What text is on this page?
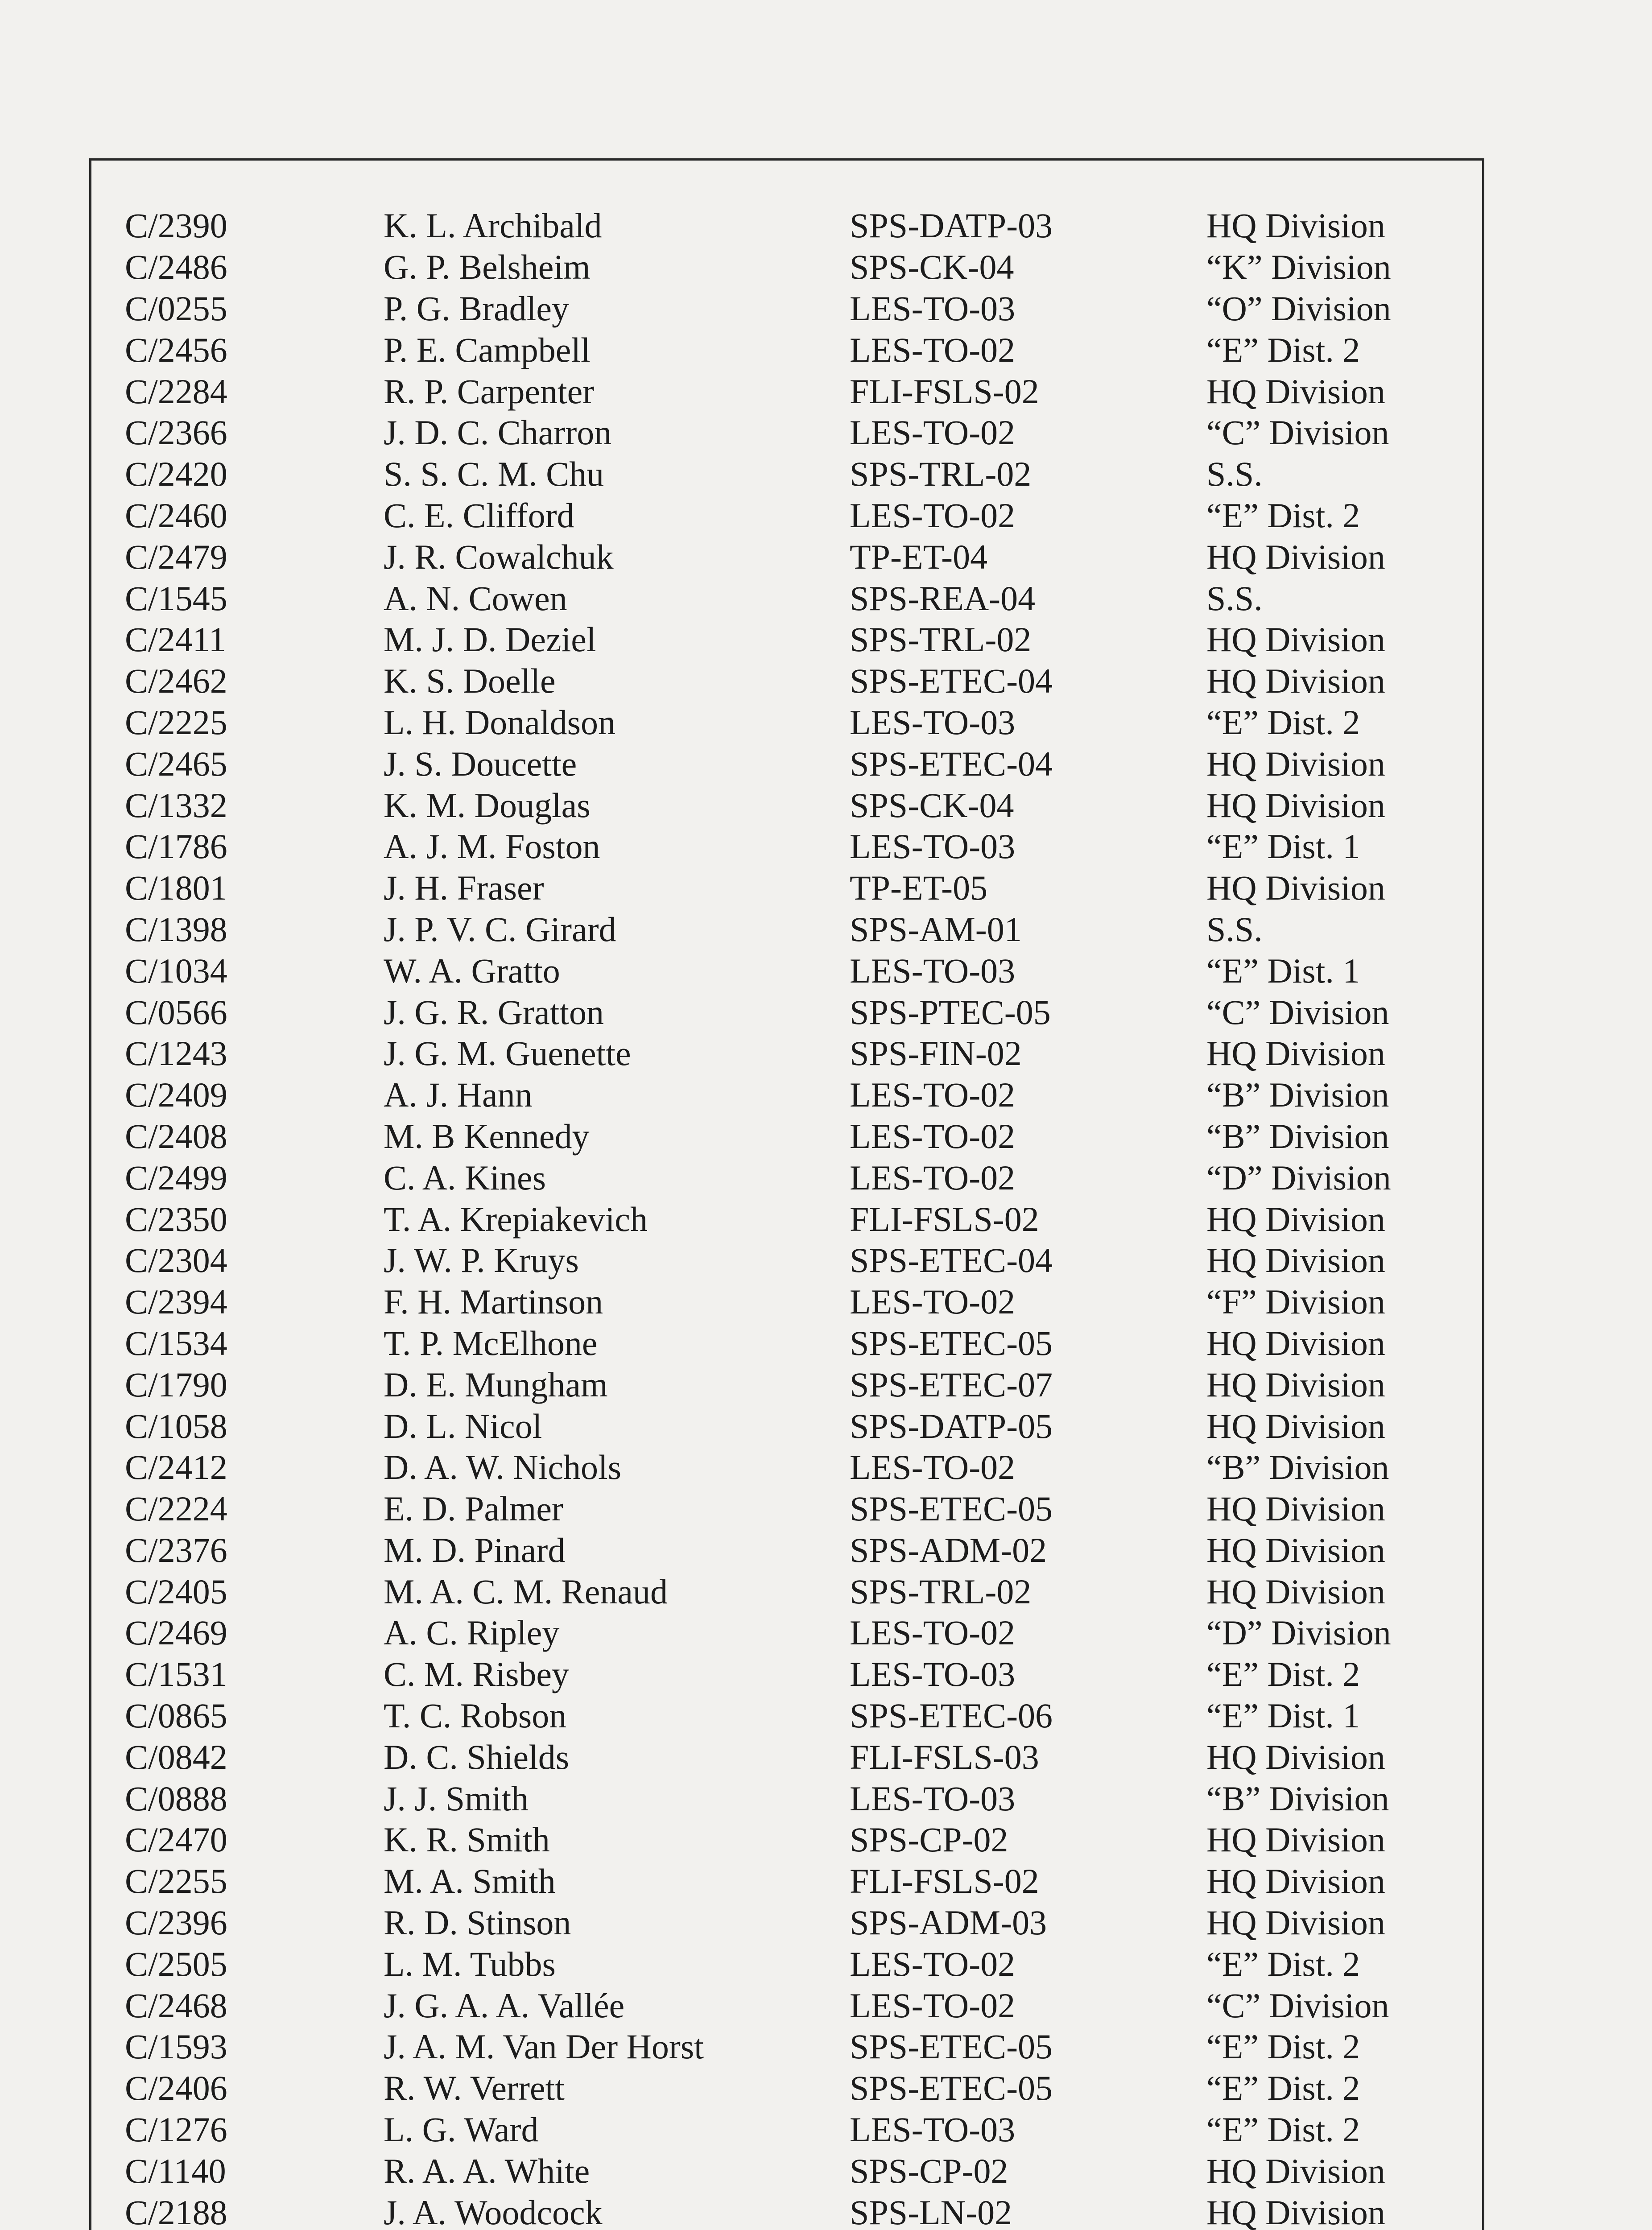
C/2390	K. L. Archibald	SPS-DATP-03	HQ Division
C/2486	G. P. Belsheim	SPS-CK-04	“K” Division
C/0255	P. G. Bradley	LES-TO-03	“O” Division
C/2456	P. E. Campbell	LES-TO-02	“E” Dist. 2
C/2284	R. P. Carpenter	FLI-FSLS-02	HQ Division
C/2366	J. D. C. Charron	LES-TO-02	“C” Division
C/2420	S. S. C. M. Chu	SPS-TRL-02	S.S.
C/2460	C. E. Clifford	LES-TO-02	“E” Dist. 2
C/2479	J. R. Cowalchuk	TP-ET-04	HQ Division
C/1545	A. N. Cowen	SPS-REA-04	S.S.
C/2411	M. J. D. Deziel	SPS-TRL-02	HQ Division
C/2462	K. S. Doelle	SPS-ETEC-04	HQ Division
C/2225	L. H. Donaldson	LES-TO-03	“E” Dist. 2
C/2465	J. S. Doucette	SPS-ETEC-04	HQ Division
C/1332	K. M. Douglas	SPS-CK-04	HQ Division
C/1786	A. J. M. Foston	LES-TO-03	“E” Dist. 1
C/1801	J. H. Fraser	TP-ET-05	HQ Division
C/1398	J. P. V. C. Girard	SPS-AM-01	S.S.
C/1034	W. A. Gratto	LES-TO-03	“E” Dist. 1
C/0566	J. G. R. Gratton	SPS-PTEC-05	“C” Division
C/1243	J. G. M. Guenette	SPS-FIN-02	HQ Division
C/2409	A. J. Hann	LES-TO-02	“B” Division
C/2408	M. B Kennedy	LES-TO-02	“B” Division
C/2499	C. A. Kines	LES-TO-02	“D” Division
C/2350	T. A. Krepiakevich	FLI-FSLS-02	HQ Division
C/2304	J. W. P. Kruys	SPS-ETEC-04	HQ Division
C/2394	F. H. Martinson	LES-TO-02	“F” Division
C/1534	T. P. McElhone	SPS-ETEC-05	HQ Division
C/1790	D. E. Mungham	SPS-ETEC-07	HQ Division
C/1058	D. L. Nicol	SPS-DATP-05	HQ Division
C/2412	D. A. W. Nichols	LES-TO-02	“B” Division
C/2224	E. D. Palmer	SPS-ETEC-05	HQ Division
C/2376	M. D. Pinard	SPS-ADM-02	HQ Division
C/2405	M. A. C. M. Renaud	SPS-TRL-02	HQ Division
C/2469	A. C. Ripley	LES-TO-02	“D” Division
C/1531	C. M. Risbey	LES-TO-03	“E” Dist. 2
C/0865	T. C. Robson	SPS-ETEC-06	“E” Dist. 1
C/0842	D. C. Shields	FLI-FSLS-03	HQ Division
C/0888	J. J. Smith	LES-TO-03	“B” Division
C/2470	K. R. Smith	SPS-CP-02	HQ Division
C/2255	M. A. Smith	FLI-FSLS-02	HQ Division
C/2396	R. D. Stinson	SPS-ADM-03	HQ Division
C/2505	L. M. Tubbs	LES-TO-02	“E” Dist. 2
C/2468	J. G. A. A. Vallée	LES-TO-02	“C” Division
C/1593	J. A. M. Van Der Horst	SPS-ETEC-05	“E” Dist. 2
C/2406	R. W. Verrett	SPS-ETEC-05	“E” Dist. 2
C/1276	L. G. Ward	LES-TO-03	“E” Dist. 2
C/1140	R. A. A. White	SPS-CP-02	HQ Division
C/2188	J. A. Woodcock	SPS-LN-02	HQ Division
